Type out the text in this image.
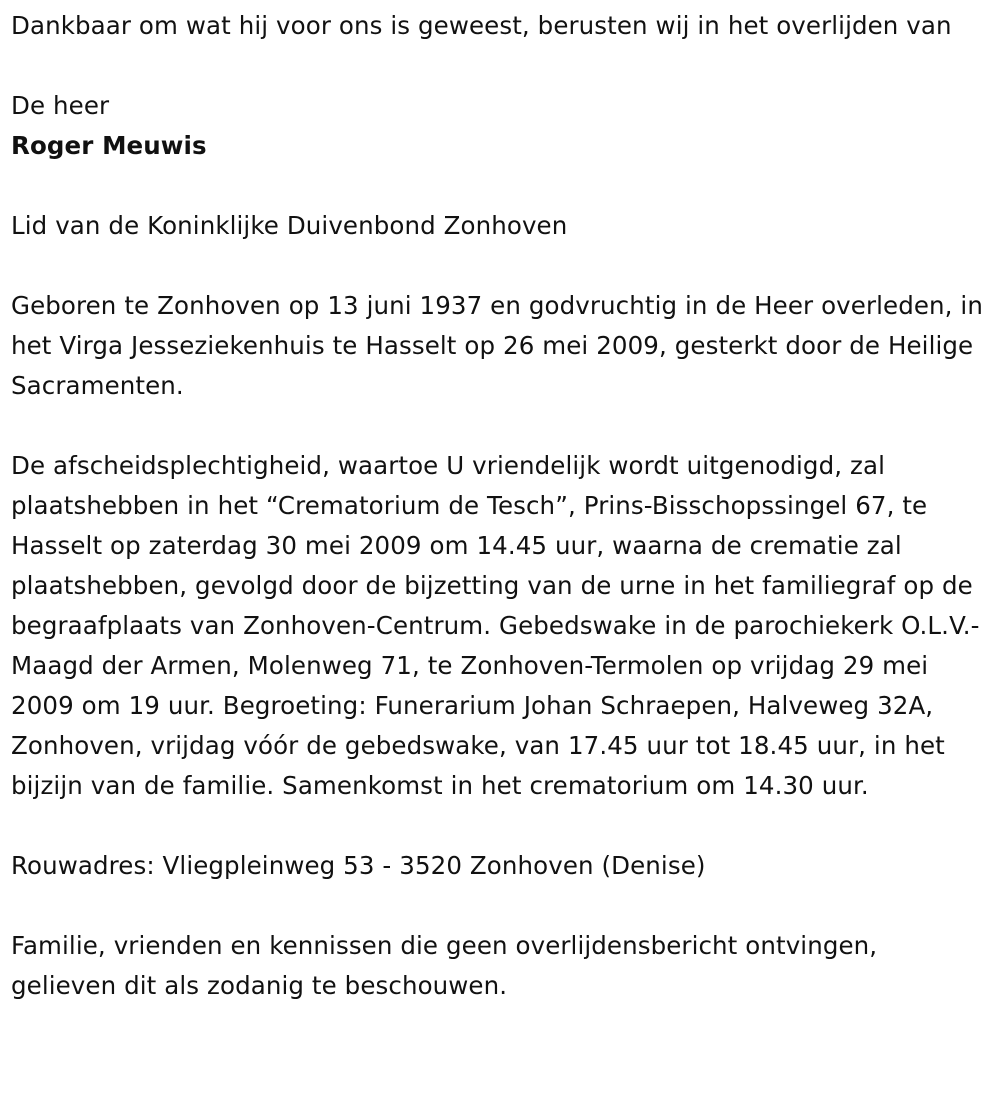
Dankbaar om wat hij voor ons is geweest, berusten wij in het overlijden van

De heer

Roger Meuwis

Lid van de Koninklijke Duivenbond Zonhoven

Geboren te Zonhoven op 13 juni 1937 en godvruchtig in de Heer overleden, in het Virga Jesseziekenhuis te Hasselt op 26 mei 2009, gesterkt door de Heilige Sacramenten.

De afscheidsplechtigheid, waartoe U vriendelijk wordt uitgenodigd, zal plaatshebben in het “Crematorium de Tesch”, Prins-Bisschopssingel 67, te Hasselt op zaterdag 30 mei 2009 om 14.45 uur, waarna de crematie zal plaatshebben, gevolgd door de bijzetting van de urne in het familiegraf op de begraafplaats van Zonhoven-Centrum. Gebedswake in de parochiekerk O.L.V.-Maagd der Armen, Molenweg 71, te Zonhoven-Termolen op vrijdag 29 mei 2009 om 19 uur. Begroeting: Funerarium Johan Schraepen, Halveweg 32A, Zonhoven, vrijdag vóór de gebedswake, van 17.45 uur tot 18.45 uur, in het bijzijn van de familie. Samenkomst in het crematorium om 14.30 uur.

Rouwadres: Vliegpleinweg 53 - 3520 Zonhoven (Denise)

Familie, vrienden en kennissen die geen overlijdensbericht ontvingen, gelieven dit als zodanig te beschouwen.
